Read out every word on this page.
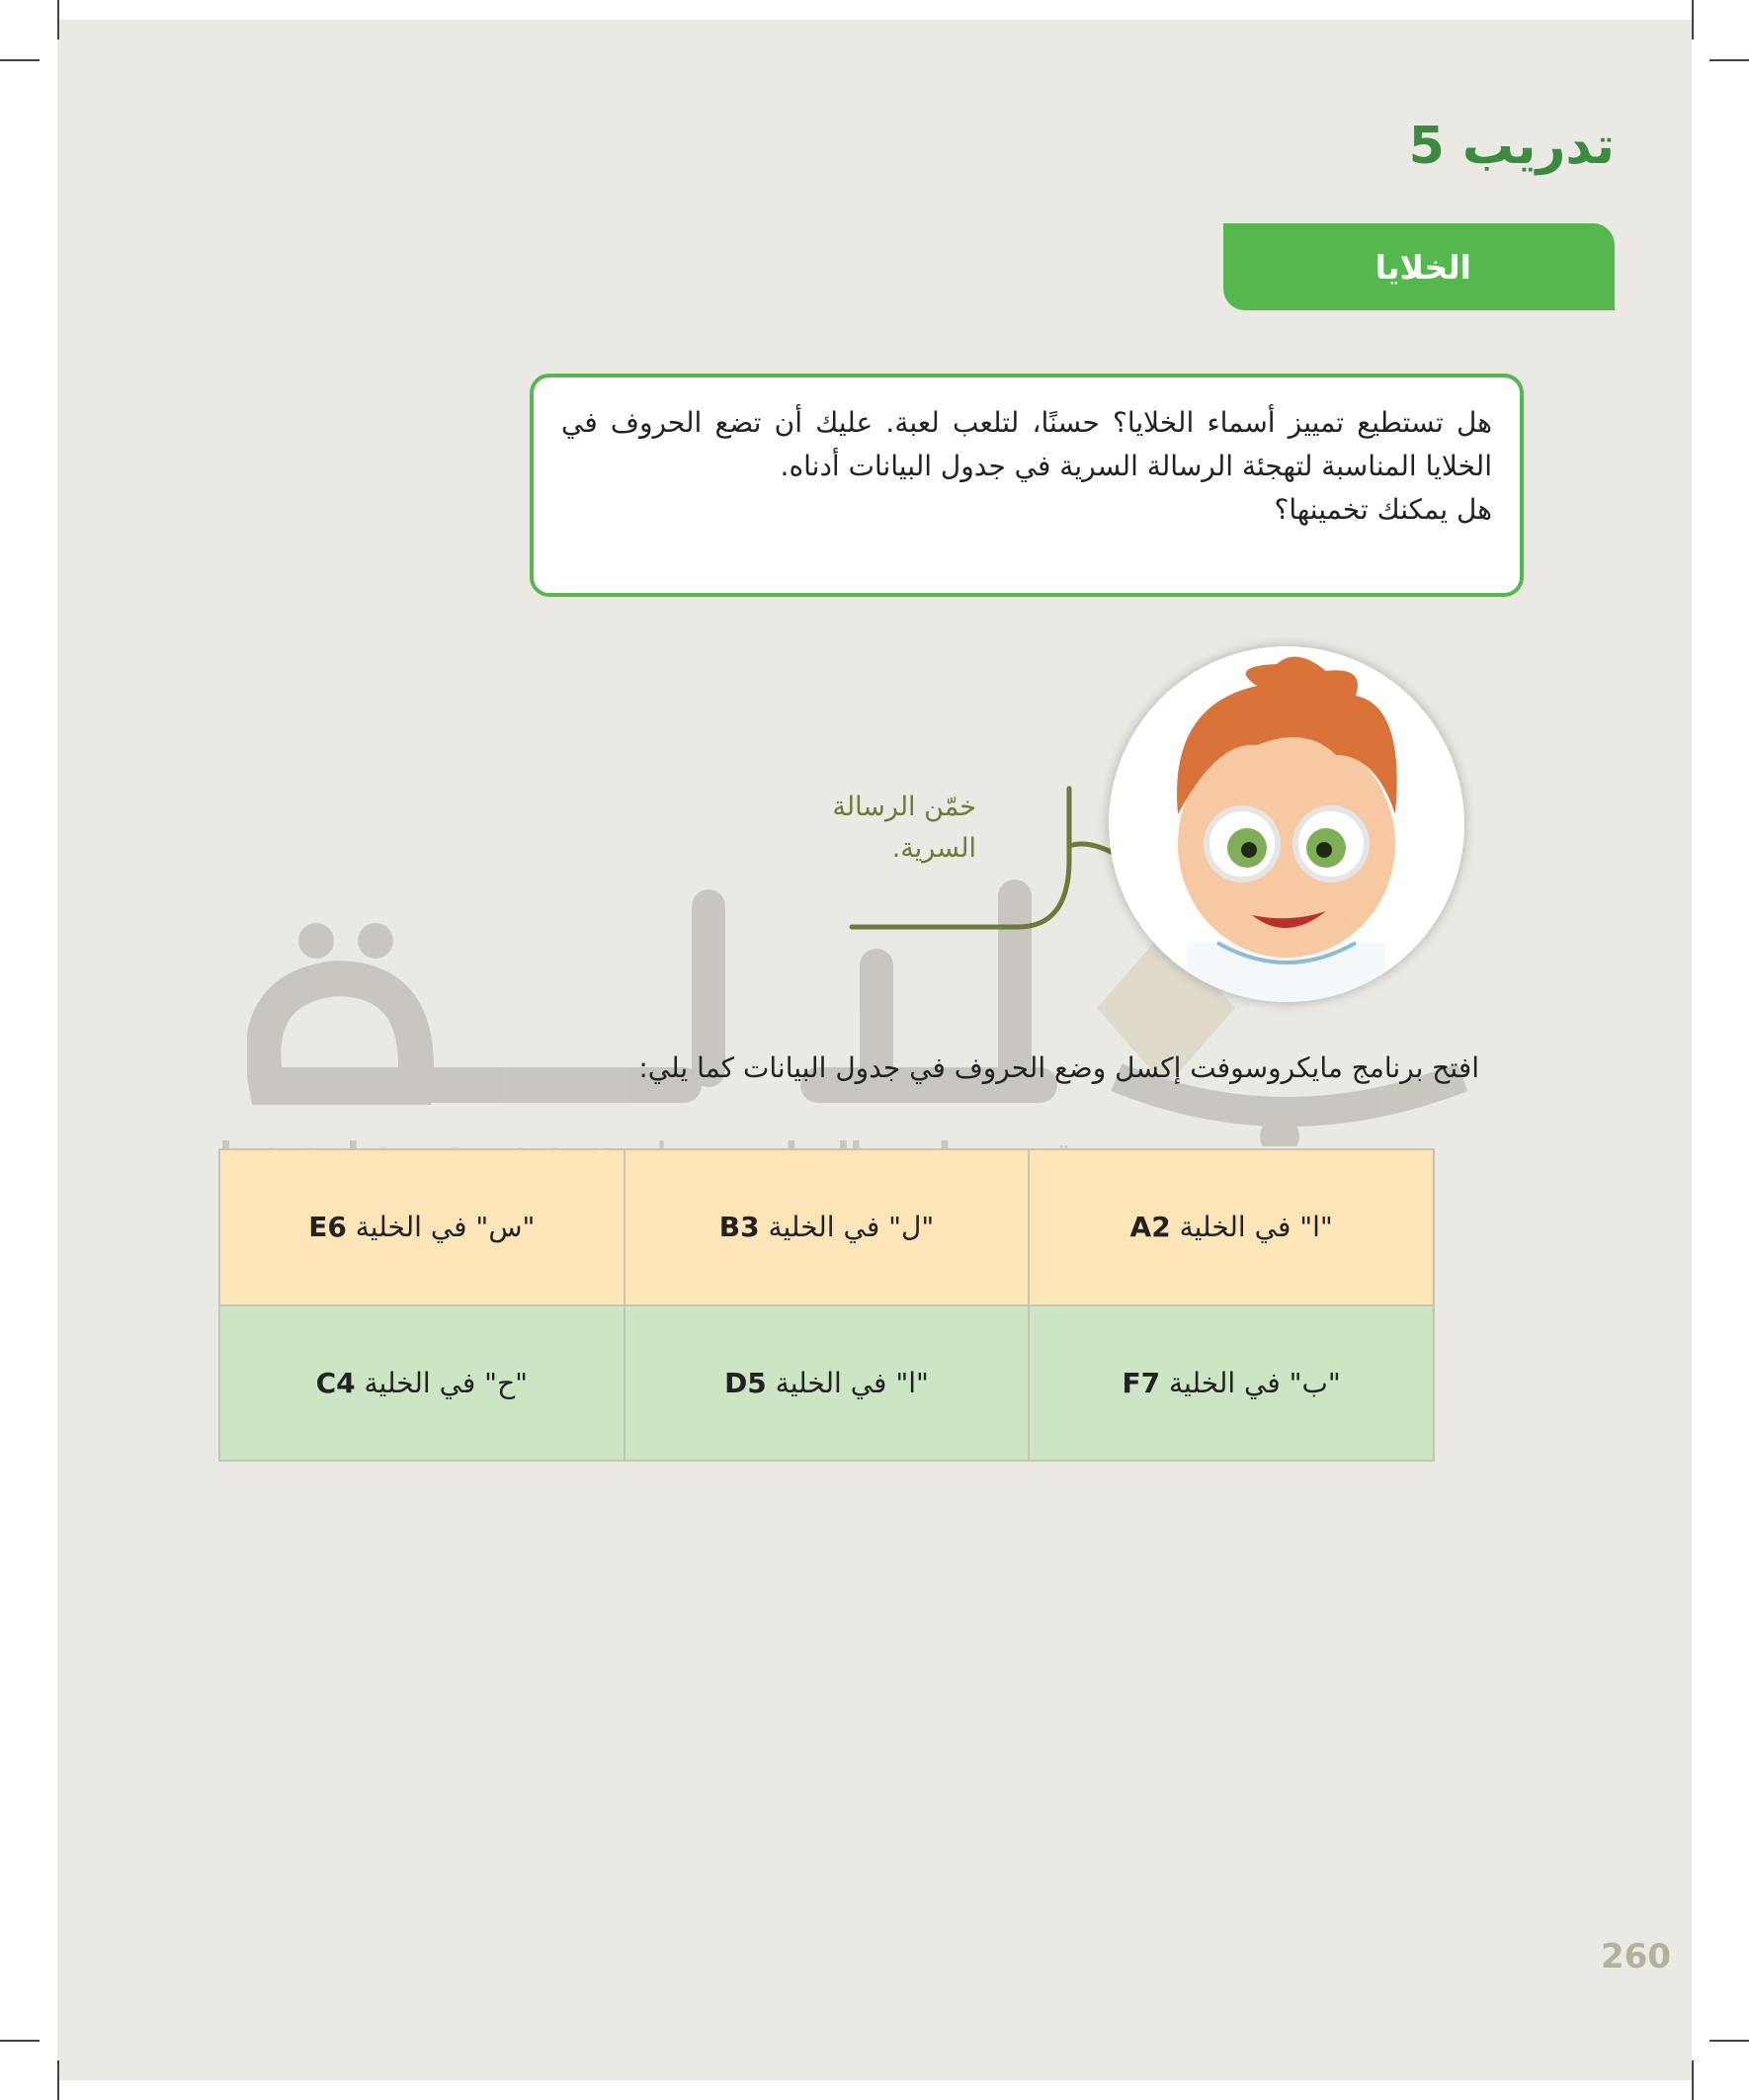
تدريب 5
الخلايا

هل تستطيع تمييز أسماء الخلايا؟ حسنًا، لتلعب لعبة. عليك أن تضع الحروف في الخلايا المناسبة لتهجئة الرسالة السرية في جدول البيانات أدناه.

هل يمكنك تخمينها؟

خمّن الرسالة
السرية.
افتح برنامج مايكروسوفت إكسل وضع الحروف في جدول البيانات كما يلي:
"س" في الخلية E6	"ل" في الخلية B3	"ا" في الخلية A2
"ح" في الخلية C4	"ا" في الخلية D5	"ب" في الخلية F7
260
